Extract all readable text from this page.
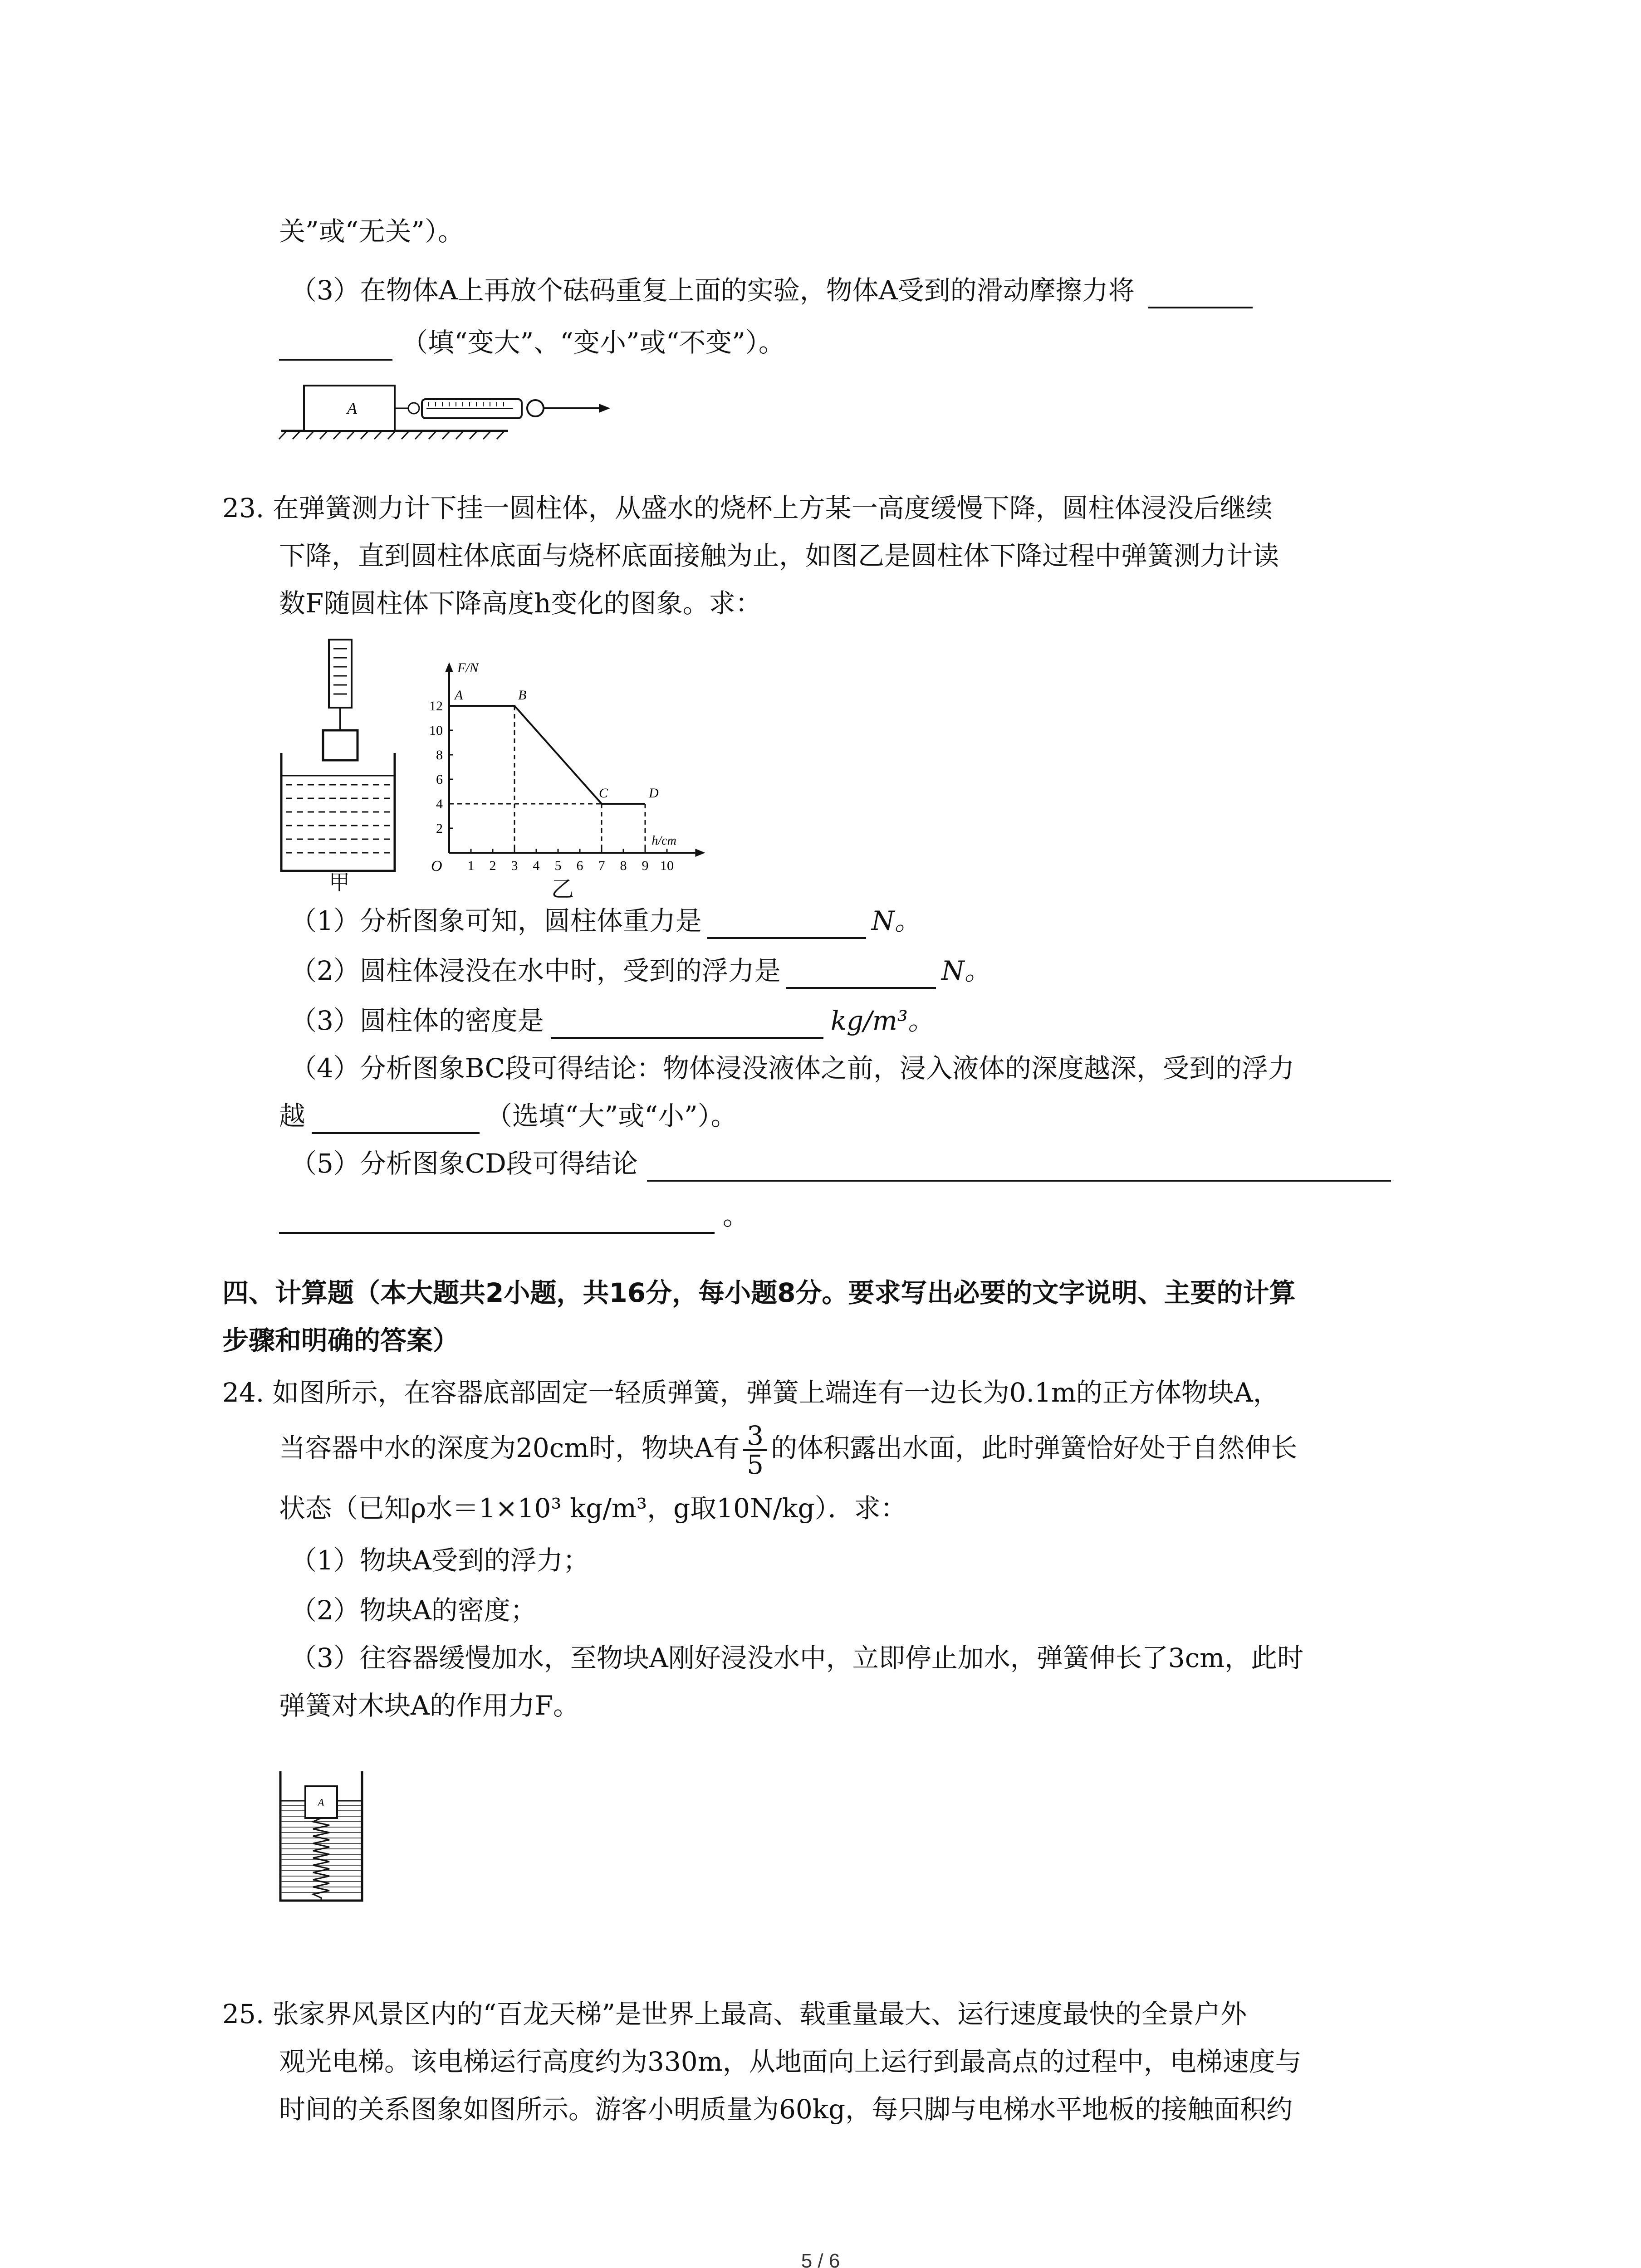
关”或“无关”）。
（3）在物体A上再放个砝码重复上面的实验，物体A受到的滑动摩擦力将
（填“变大”、“变小”或“不变”）。
A
23. 在弹簧测力计下挂一圆柱体，从盛水的烧杯上方某一高度缓慢下降，圆柱体浸没后继续
下降，直到圆柱体底面与烧杯底面接触为止，如图乙是圆柱体下降过程中弹簧测力计读
数F随圆柱体下降高度h变化的图象。求：
甲
F/N
h/cm
O 1 2 3 4 5 6 7 8 9 10
2
4
6
8
10
12
A	B
C	D
乙
（1）分析图象可知，圆柱体重力是	N。
（2）圆柱体浸没在水中时，受到的浮力是	N。
（3）圆柱体的密度是	kg/m³。
（4）分析图象BC段可得结论：物体浸没液体之前，浸入液体的深度越深，受到的浮力
越	（选填“大”或“小”）。
（5）分析图象CD段可得结论
。
四、计算题（本大题共2小题，共16分，每小题8分。要求写出必要的文字说明、主要的计算
步骤和明确的答案）
24. 如图所示，在容器底部固定一轻质弹簧，弹簧上端连有一边长为0.1m的正方体物块A，
当容器中水的深度为20cm时，物块A有 $\frac{3}{5}$ 的体积露出水面，此时弹簧恰好处于自然伸长
状态（已知ρ水＝1×10³ kg/m³，g取10N/kg）．求：
（1）物块A受到的浮力；
（2）物块A的密度；
（3）往容器缓慢加水，至物块A刚好浸没水中，立即停止加水，弹簧伸长了3cm，此时
弹簧对木块A的作用力F。
A
25. 张家界风景区内的“百龙天梯”是世界上最高、载重量最大、运行速度最快的全景户外
观光电梯。该电梯运行高度约为330m，从地面向上运行到最高点的过程中，电梯速度与
时间的关系图象如图所示。游客小明质量为60kg，每只脚与电梯水平地板的接触面积约
5 / 6
